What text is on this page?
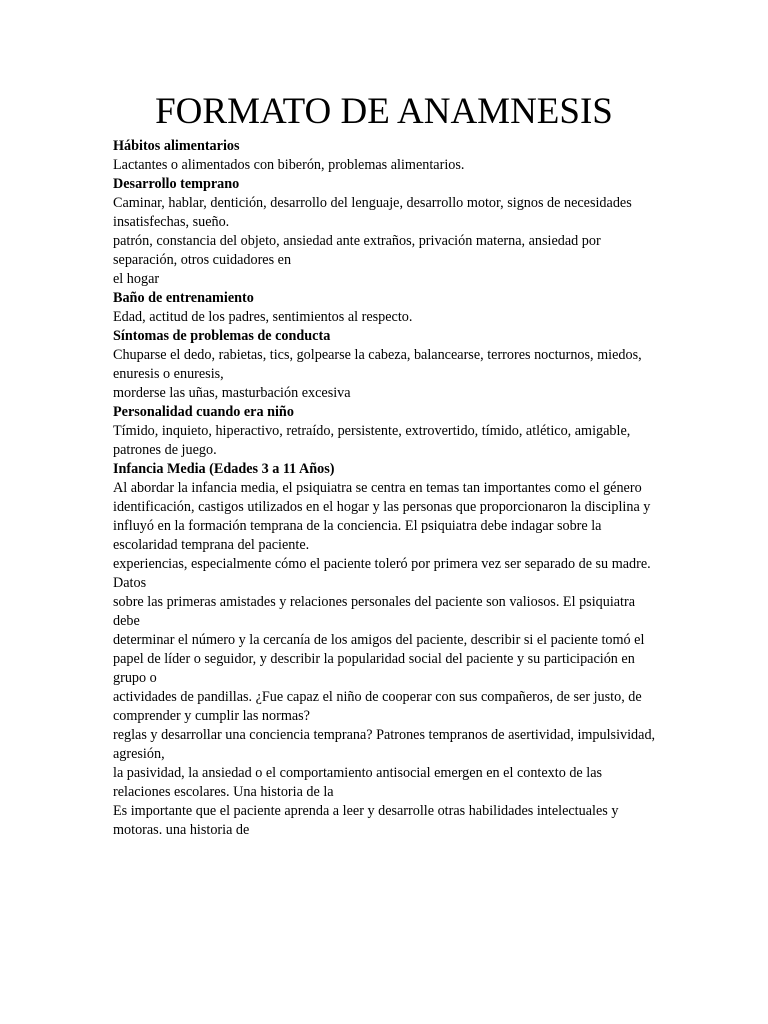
FORMATO DE ANAMNESIS

Hábitos alimentarios

Lactantes o alimentados con biberón, problemas alimentarios.

Desarrollo temprano

Caminar, hablar, dentición, desarrollo del lenguaje, desarrollo motor, signos de necesidades insatisfechas, sueño.

patrón, constancia del objeto, ansiedad ante extraños, privación materna, ansiedad por separación, otros cuidadores en

el hogar

Baño de entrenamiento

Edad, actitud de los padres, sentimientos al respecto.

Síntomas de problemas de conducta

Chuparse el dedo, rabietas, tics, golpearse la cabeza, balancearse, terrores nocturnos, miedos, enuresis o enuresis,

morderse las uñas, masturbación excesiva

Personalidad cuando era niño

Tímido, inquieto, hiperactivo, retraído, persistente, extrovertido, tímido, atlético, amigable, patrones de juego.

Infancia Media (Edades 3 a 11 Años)

Al abordar la infancia media, el psiquiatra se centra en temas tan importantes como el género

identificación, castigos utilizados en el hogar y las personas que proporcionaron la disciplina y

influyó en la formación temprana de la conciencia. El psiquiatra debe indagar sobre la escolaridad temprana del paciente.

experiencias, especialmente cómo el paciente toleró por primera vez ser separado de su madre. Datos

sobre las primeras amistades y relaciones personales del paciente son valiosos. El psiquiatra debe

determinar el número y la cercanía de los amigos del paciente, describir si el paciente tomó el

papel de líder o seguidor, y describir la popularidad social del paciente y su participación en grupo o

actividades de pandillas. ¿Fue capaz el niño de cooperar con sus compañeros, de ser justo, de comprender y cumplir las normas?

reglas y desarrollar una conciencia temprana? Patrones tempranos de asertividad, impulsividad, agresión,

la pasividad, la ansiedad o el comportamiento antisocial emergen en el contexto de las relaciones escolares. Una historia de la

Es importante que el paciente aprenda a leer y desarrolle otras habilidades intelectuales y motoras. una historia de
